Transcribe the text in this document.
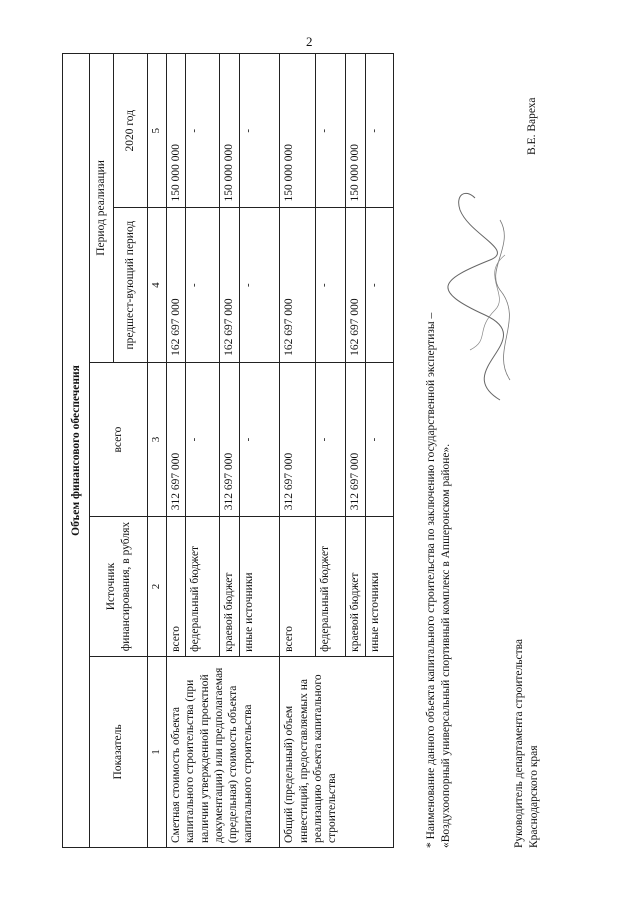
2
Объем финансового обеспечения				
Показатель	Источник финансирования, в рублях	всего	Период реализации	
			предшест-вующий период	2020 год
1	2	3	4	5
Сметная стоимость объекта капитального строительства (при наличии утвержденной проектной документации) или предполагаемая (предельная) стоимость объекта капитального строительства	всего	312 697 000	162 697 000	150 000 000
	федеральный бюджет	-	-	-
	краевой бюджет	312 697 000	162 697 000	150 000 000
	иные источники	-	-	-
Общий (предельный) объем инвестиций, предоставляемых на реализацию объекта капитального строительства	всего	312 697 000	162 697 000	150 000 000
	федеральный бюджет	-	-	-
	краевой бюджет	312 697 000	162 697 000	150 000 000
	иные источники	-	-	-
* Наименование данного объекта капитального строительства по заключению государственной экспертизы – «Воздухоопорный универсальный спортивный комплекс в Апшеронском районе».	Руководитель департамента строительства Краснодарского края
В.Е. Вареха
